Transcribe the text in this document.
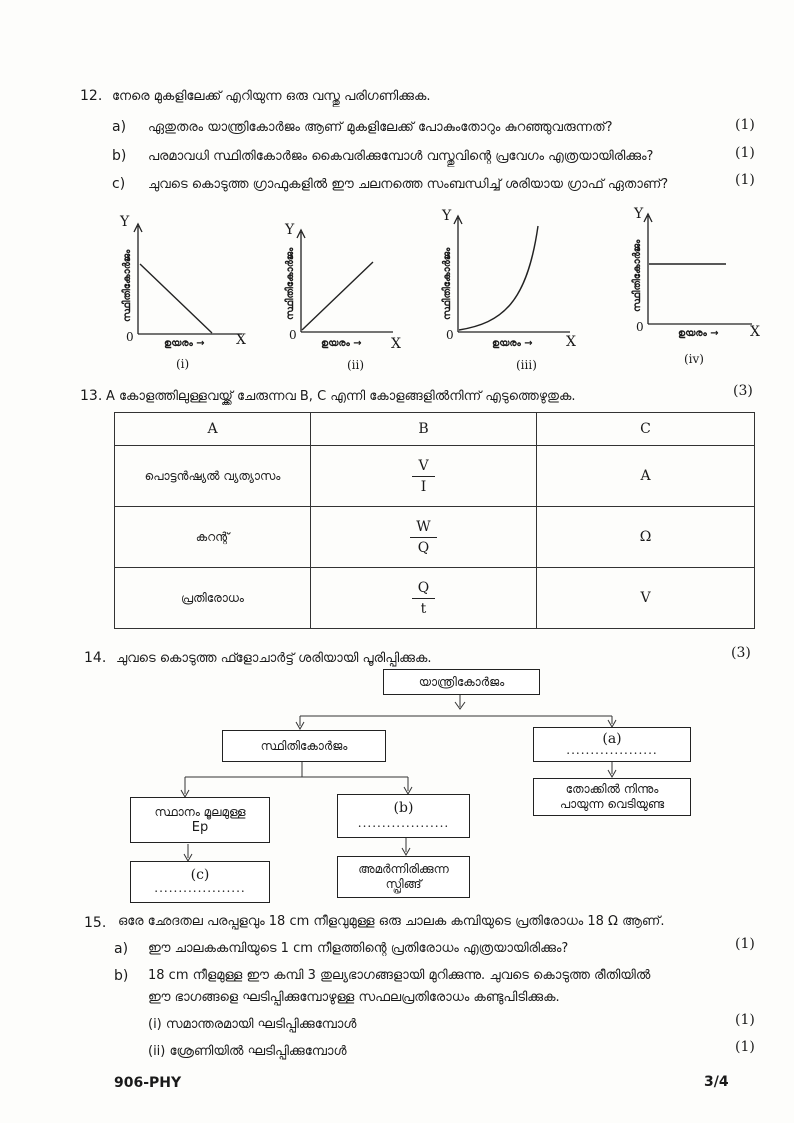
12. നേരെ മുകളിലേക്ക് എറിയുന്ന ഒരു വസ്തു പരിഗണിക്കുക.
a) ഏതുതരം യാന്ത്രികോർജം ആണ് മുകളിലേക്ക് പോകുംതോറും കുറഞ്ഞുവരുന്നത്?	(1)
b) പരമാവധി സ്ഥിതികോർജം കൈവരിക്കുമ്പോൾ വസ്തുവിന്റെ പ്രവേഗം എത്രയായിരിക്കും?	(1)
c) ചുവടെ കൊടുത്ത ഗ്രാഫുകളിൽ ഈ ചലനത്തെ സംബന്ധിച്ച് ശരിയായ ഗ്രാഫ് ഏതാണ്?	(1)
Y
സ്ഥിതികോർജം
0	ഉയരം → X
(i)
Y
സ്ഥിതികോർജം
0
ഉയരം → X
(ii)
Y
സ്ഥിതികോർജം
0
ഉയരം → X
(iii)
Y
സ്ഥിതികോർജം
0	ഉയരം → X
(iv)
13. A കോളത്തിലുള്ളവയ്ക്ക് ചേരുന്നവ B, C എന്നി കോളങ്ങളിൽനിന്ന് എടുത്തെഴുതുക.	(3)
A	B	C
പൊട്ടൻഷ്യൽ വ്യത്യാസം	$\frac{V}{I}$	A
കറന്റ്	$\frac{W}{Q}$	Ω
പ്രതിരോധം	$\frac{Q}{t}$	V
14. ചുവടെ കൊടുത്ത ഫ്ളോചാർട്ട് ശരിയായി പൂരിപ്പിക്കുക.	(3)
യാന്ത്രികോർജം
സ്ഥിതികോർജം	(a)
...................
തോക്കിൽ നിന്നും
പായുന്ന വെടിയുണ്ട
സ്ഥാനം മൂലമുള്ള
Ep
(b)
...................
(c)
...................
അമർന്നിരിക്കുന്ന
സ്പ്രിങ്ങ്
15. ഒരേ ഛേദതല പരപ്പളവും 18 cm നീളവുമുള്ള ഒരു ചാലക കമ്പിയുടെ പ്രതിരോധം 18 Ω ആണ്.
a) ഈ ചാലകകമ്പിയുടെ 1 cm നീളത്തിന്റെ പ്രതിരോധം എത്രയായിരിക്കും?	(1)
b) 18 cm നീളമുള്ള ഈ കമ്പി 3 തുല്യഭാഗങ്ങളായി മുറിക്കുന്നു. ചുവടെ കൊടുത്ത രീതിയിൽ
ഈ ഭാഗങ്ങളെ ഘടിപ്പിക്കുമ്പോഴുള്ള സഫലപ്രതിരോധം കണ്ടുപിടിക്കുക.
(i) സമാന്തരമായി ഘടിപ്പിക്കുമ്പോൾ	(1)
(ii) ശ്രേണിയിൽ ഘടിപ്പിക്കുമ്പോൾ	(1)
906-PHY	3/4
